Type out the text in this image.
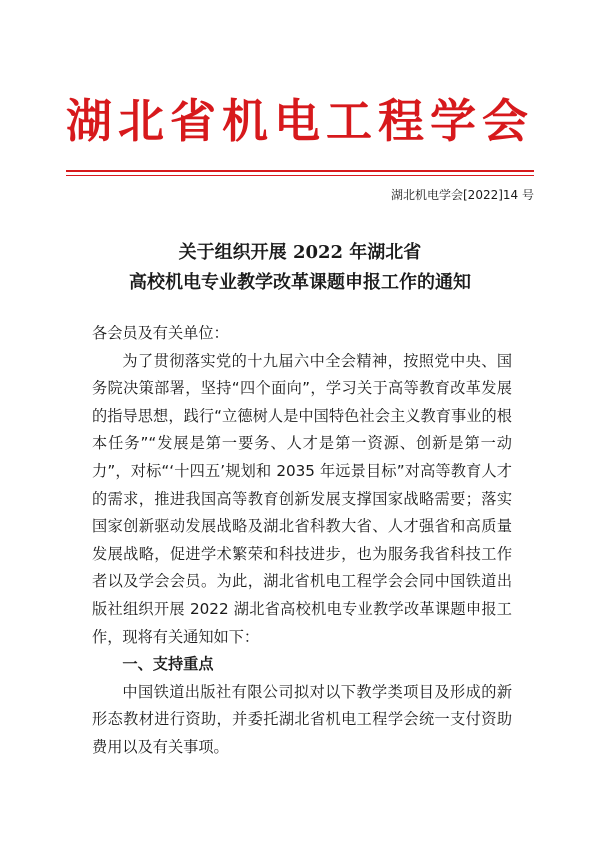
湖北省机电工程学会
湖北机电学会[2022]14 号
关于组织开展 2022 年湖北省
高校机电专业教学改革课题申报工作的通知

各会员及有关单位：

为了贯彻落实党的十九届六中全会精神，按照党中央、国务院决策部署，坚持“四个面向”，学习关于高等教育改革发展的指导思想，践行“立德树人是中国特色社会主义教育事业的根本任务”“发展是第一要务、人才是第一资源、创新是第一动力”，对标“‘十四五’规划和 2035 年远景目标”对高等教育人才的需求，推进我国高等教育创新发展支撑国家战略需要；落实国家创新驱动发展战略及湖北省科教大省、人才强省和高质量发展战略，促进学术繁荣和科技进步，也为服务我省科技工作者以及学会会员。为此，湖北省机电工程学会会同中国铁道出版社组织开展 2022 湖北省高校机电专业教学改革课题申报工作，现将有关通知如下：

一、支持重点

中国铁道出版社有限公司拟对以下教学类项目及形成的新形态教材进行资助，并委托湖北省机电工程学会统一支付资助费用以及有关事项。
